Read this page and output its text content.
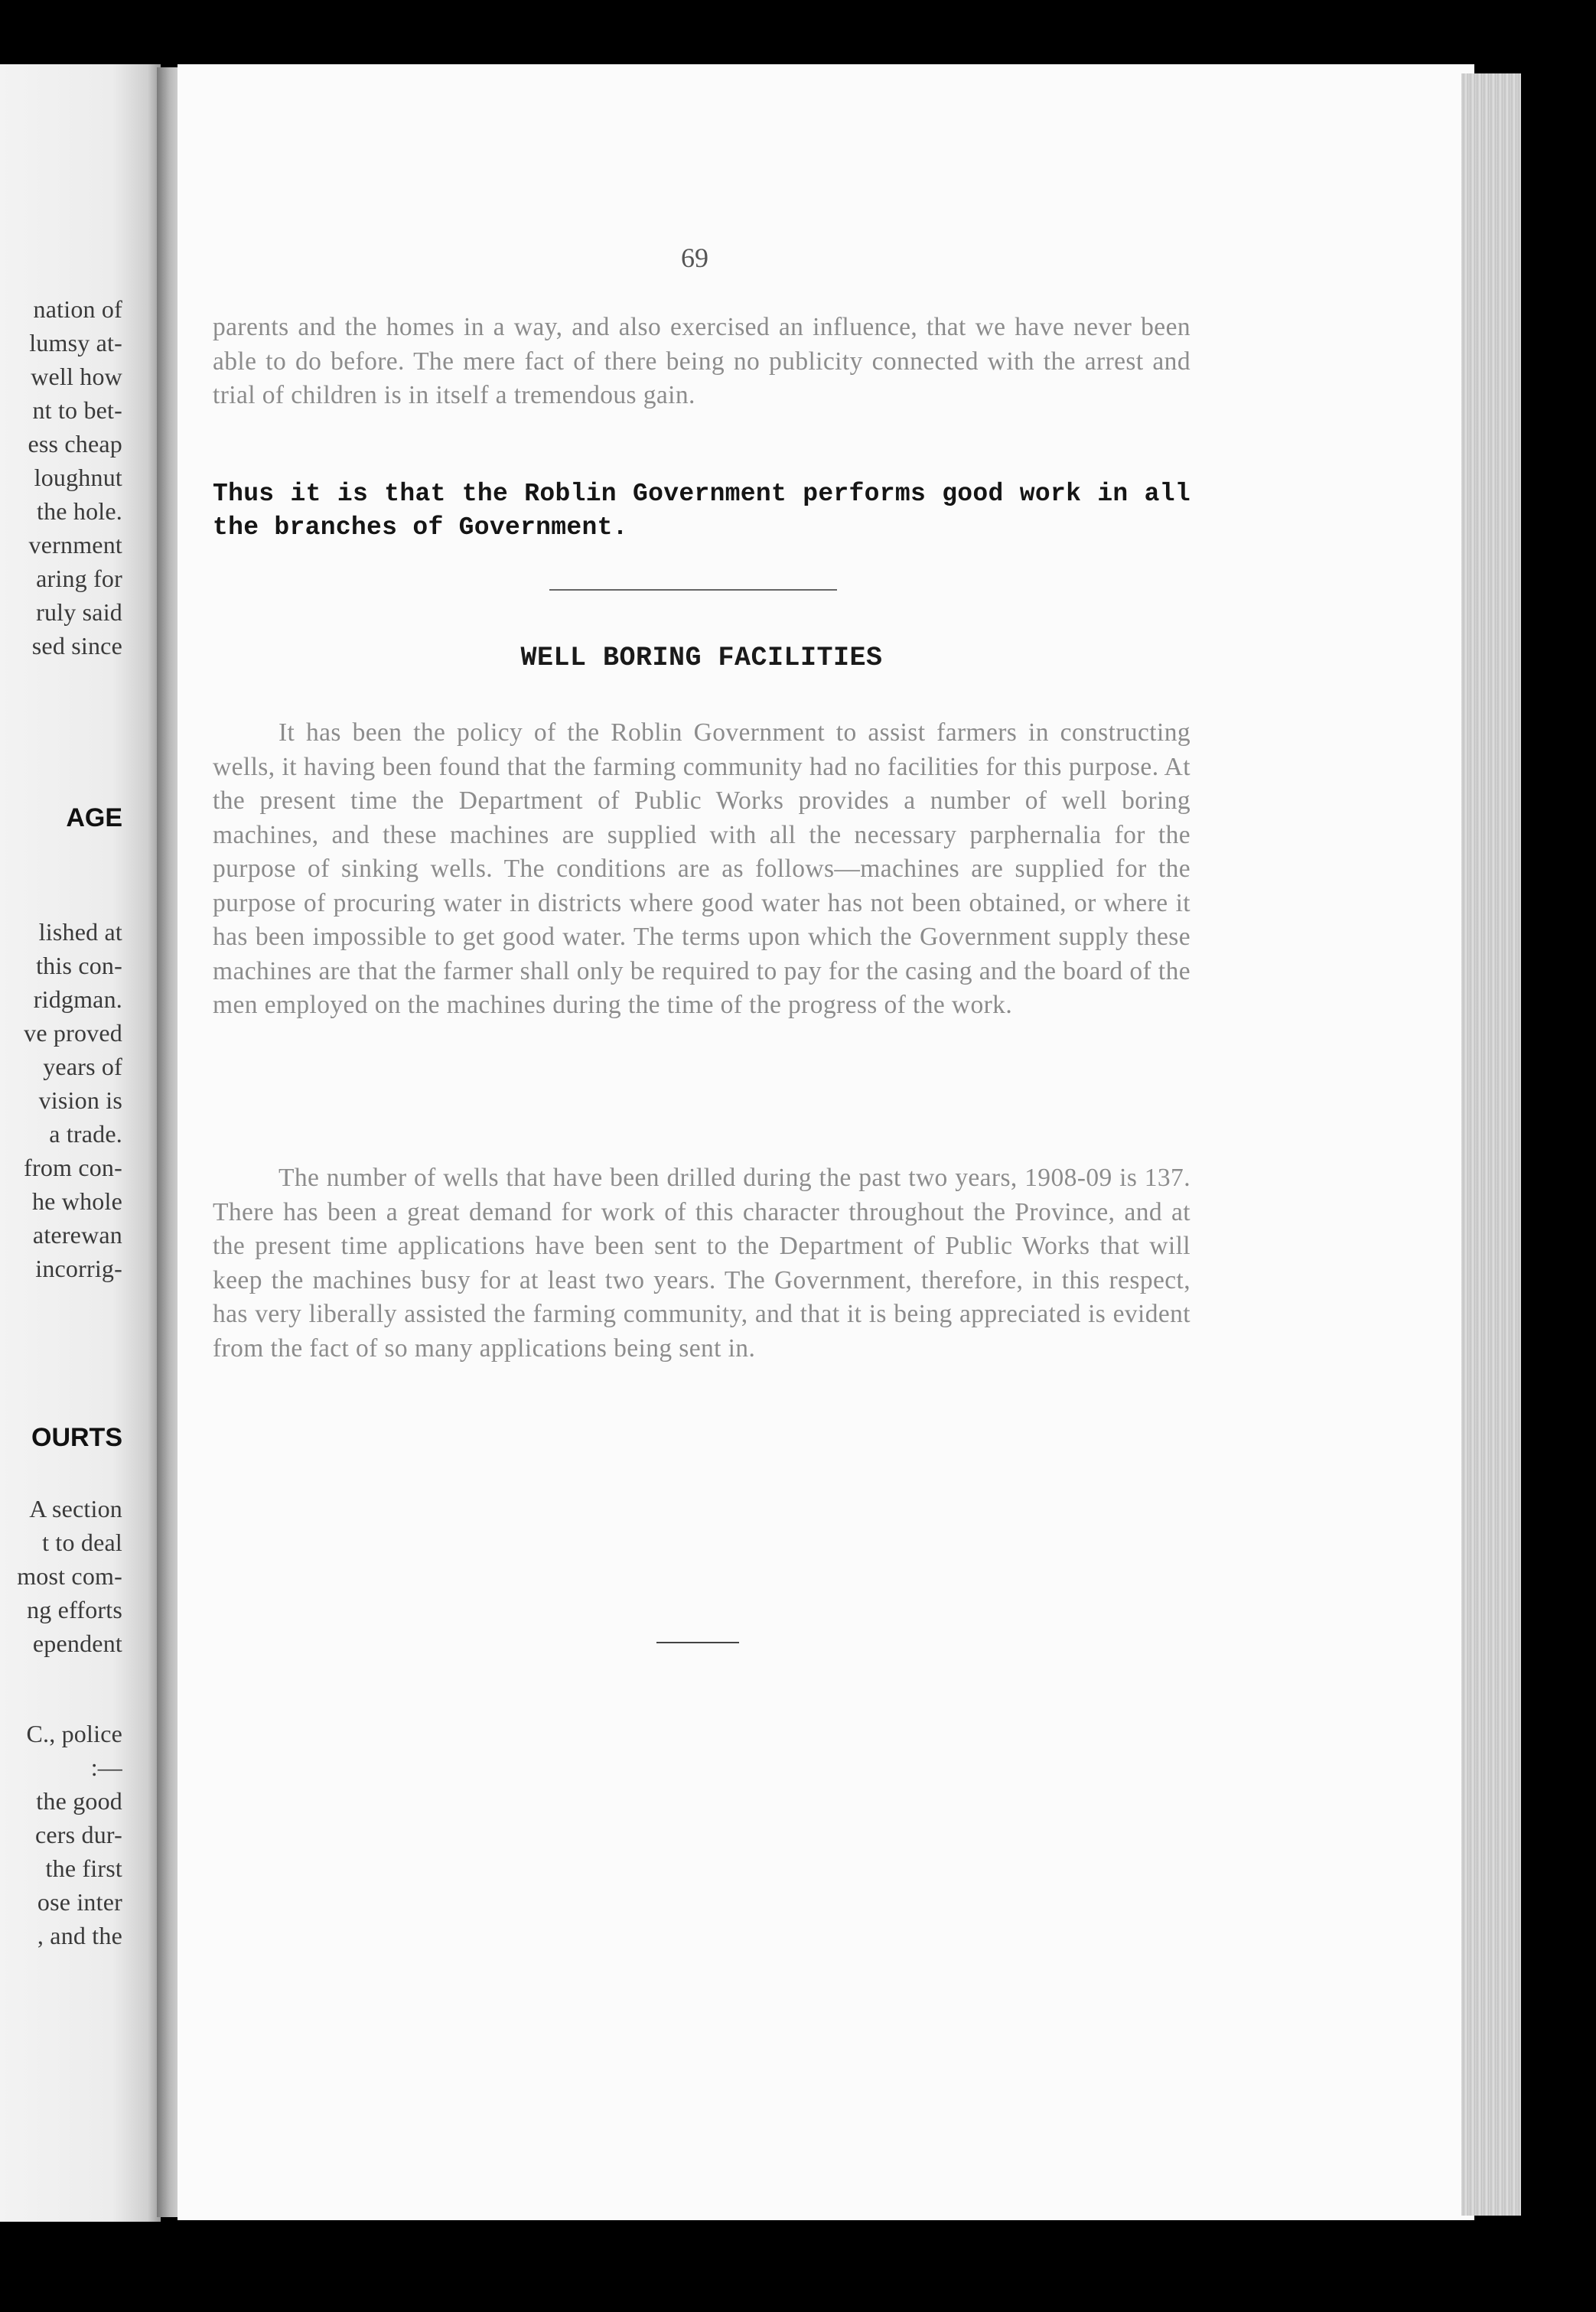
nation of
lumsy at-
well how
nt to bet-
ess cheap
loughnut
the hole.
vernment
aring for
ruly said
sed since
AGE
lished at
this con-
ridgman.
ve proved
years of
vision is
a trade.
from con-
he whole
aterewan
incorrig-
OURTS
A section
t to deal
most com-
ng efforts
ependent
C., police
:—
the good
cers dur-
the first
ose inter
, and the
69
parents and the homes in a way, and also exercised an influence, that we have never been able to do before. The mere fact of there being no publicity connected with the arrest and trial of children is in itself a tremendous gain.
Thus it is that the Roblin Government performs good work in all the branches of Government.
WELL BORING FACILITIES
It has been the policy of the Roblin Government to assist farmers in constructing wells, it having been found that the farming community had no facilities for this purpose. At the present time the Department of Public Works provides a number of well boring machines, and these machines are supplied with all the necessary parphernalia for the purpose of sinking wells. The conditions are as follows—machines are supplied for the purpose of procuring water in districts where good water has not been obtained, or where it has been impossible to get good water. The terms upon which the Government supply these machines are that the farmer shall only be required to pay for the casing and the board of the men employed on the machines during the time of the progress of the work.
The number of wells that have been drilled during the past two years, 1908-09 is 137. There has been a great demand for work of this character throughout the Province, and at the present time applications have been sent to the Department of Public Works that will keep the machines busy for at least two years. The Government, therefore, in this respect, has very liberally assisted the farming community, and that it is being appreciated is evident from the fact of so many applications being sent in.
